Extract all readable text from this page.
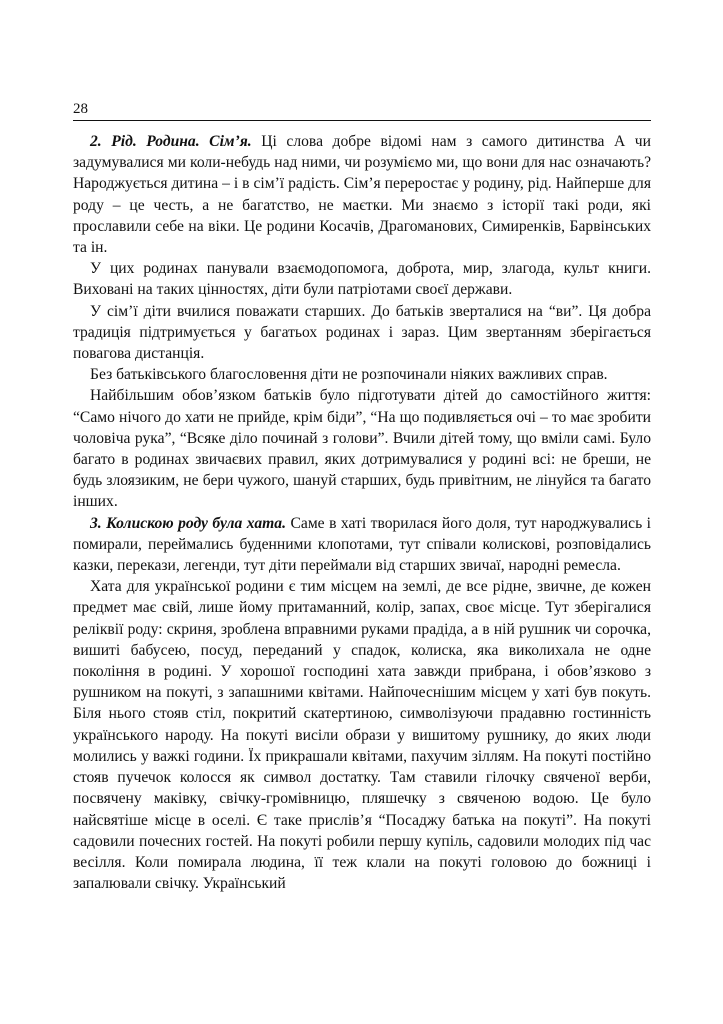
28

2. Рід. Родина. Сім’я. Ці слова добре відомі нам з самого дитинства А чи задумувалися ми коли-небудь над ними, чи розуміємо ми, що вони для нас означають? Народжується дитина – і в сім’ї радість. Сім’я переростає у родину, рід. Найперше для роду – це честь, а не багатство, не маєтки. Ми знаємо з історії такі роди, які прославили себе на віки. Це родини Косачів, Драгоманових, Симиренків, Барвінських та ін.

У цих родинах панували взаємодопомога, доброта, мир, злагода, культ книги. Виховані на таких цінностях, діти були патріотами своєї держави.

У сім’ї діти вчилися поважати старших. До батьків зверталися на “ви”. Ця добра традиція підтримується у багатьох родинах і зараз. Цим звертанням зберігається повагова дистанція.

Без батьківського благословення діти не розпочинали ніяких важливих справ.

Найбільшим обов’язком батьків було підготувати дітей до самостійного життя: “Само нічого до хати не прийде, крім біди”, “На що подивляється очі – то має зробити чоловіча рука”, “Всяке діло починай з голови”. Вчили дітей тому, що вміли самі. Було багато в родинах звичаєвих правил, яких дотримувалися у родині всі: не бреши, не будь злоязиким, не бери чужого, шануй старших, будь привітним, не лінуйся та багато інших.

3. Колискою роду була хата. Саме в хаті творилася його доля, тут народжувались і помирали, переймались буденними клопотами, тут співали колискові, розповідались казки, перекази, легенди, тут діти переймали від старших звичаї, народні ремесла.

Хата для української родини є тим місцем на землі, де все рідне, звичне, де кожен предмет має свій, лише йому притаманний, колір, запах, своє місце. Тут зберігалися реліквії роду: скриня, зроблена вправними руками прадіда, а в ній рушник чи сорочка, вишиті бабусею, посуд, переданий у спадок, колиска, яка виколихала не одне покоління в родині. У хорошої господині хата завжди прибрана, і обов’язково з рушником на покуті, з запашними квітами. Найпочеснішим місцем у хаті був покуть. Біля нього стояв стіл, покритий скатертиною, символізуючи прадавню гостинність українського народу. На покуті висіли образи у вишитому рушнику, до яких люди молились у важкі години. Їх прикрашали квітами, пахучим зіллям. На покуті постійно стояв пучечок колосся як символ достатку. Там ставили гілочку свяченої верби, посвячену маківку, свічку-громівницю, пляшечку з свяченою водою. Це було найсвятіше місце в оселі. Є таке прислів’я “Посаджу батька на покуті”. На покуті садовили почесних гостей. На покуті робили першу купіль, садовили молодих під час весілля. Коли помирала людина, її теж клали на покуті головою до божниці і запалювали свічку. Український
